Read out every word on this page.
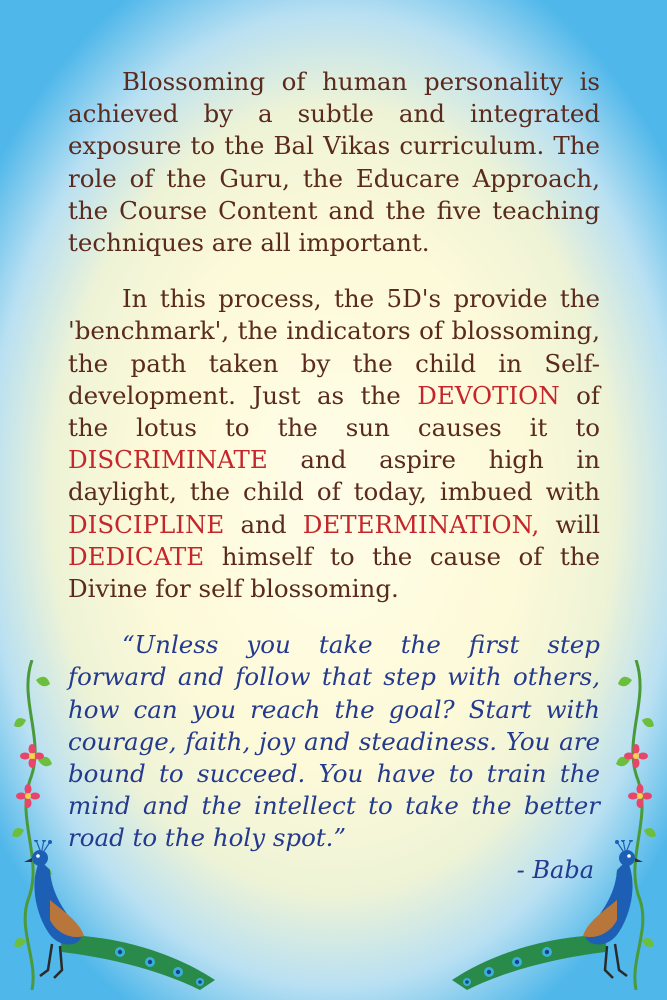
Blossoming of human personality is achieved by a subtle and integrated exposure to the Bal Vikas curriculum. The role of the Guru, the Educare Approach, the Course Content and the five teaching techniques are all important.

In this process, the 5D's provide the 'benchmark', the indicators of blossoming, the path taken by the child in Self-development. Just as the DEVOTION of the lotus to the sun causes it to DISCRIMINATE and aspire high in daylight, the child of today, imbued with DISCIPLINE and DETERMINATION, will DEDICATE himself to the cause of the Divine for self blossoming.

“Unless you take the first step forward and follow that step with others, how can you reach the goal? Start with courage, faith, joy and steadiness. You are bound to succeed. You have to train the mind and the intellect to take the better road to the holy spot.”

- Baba
